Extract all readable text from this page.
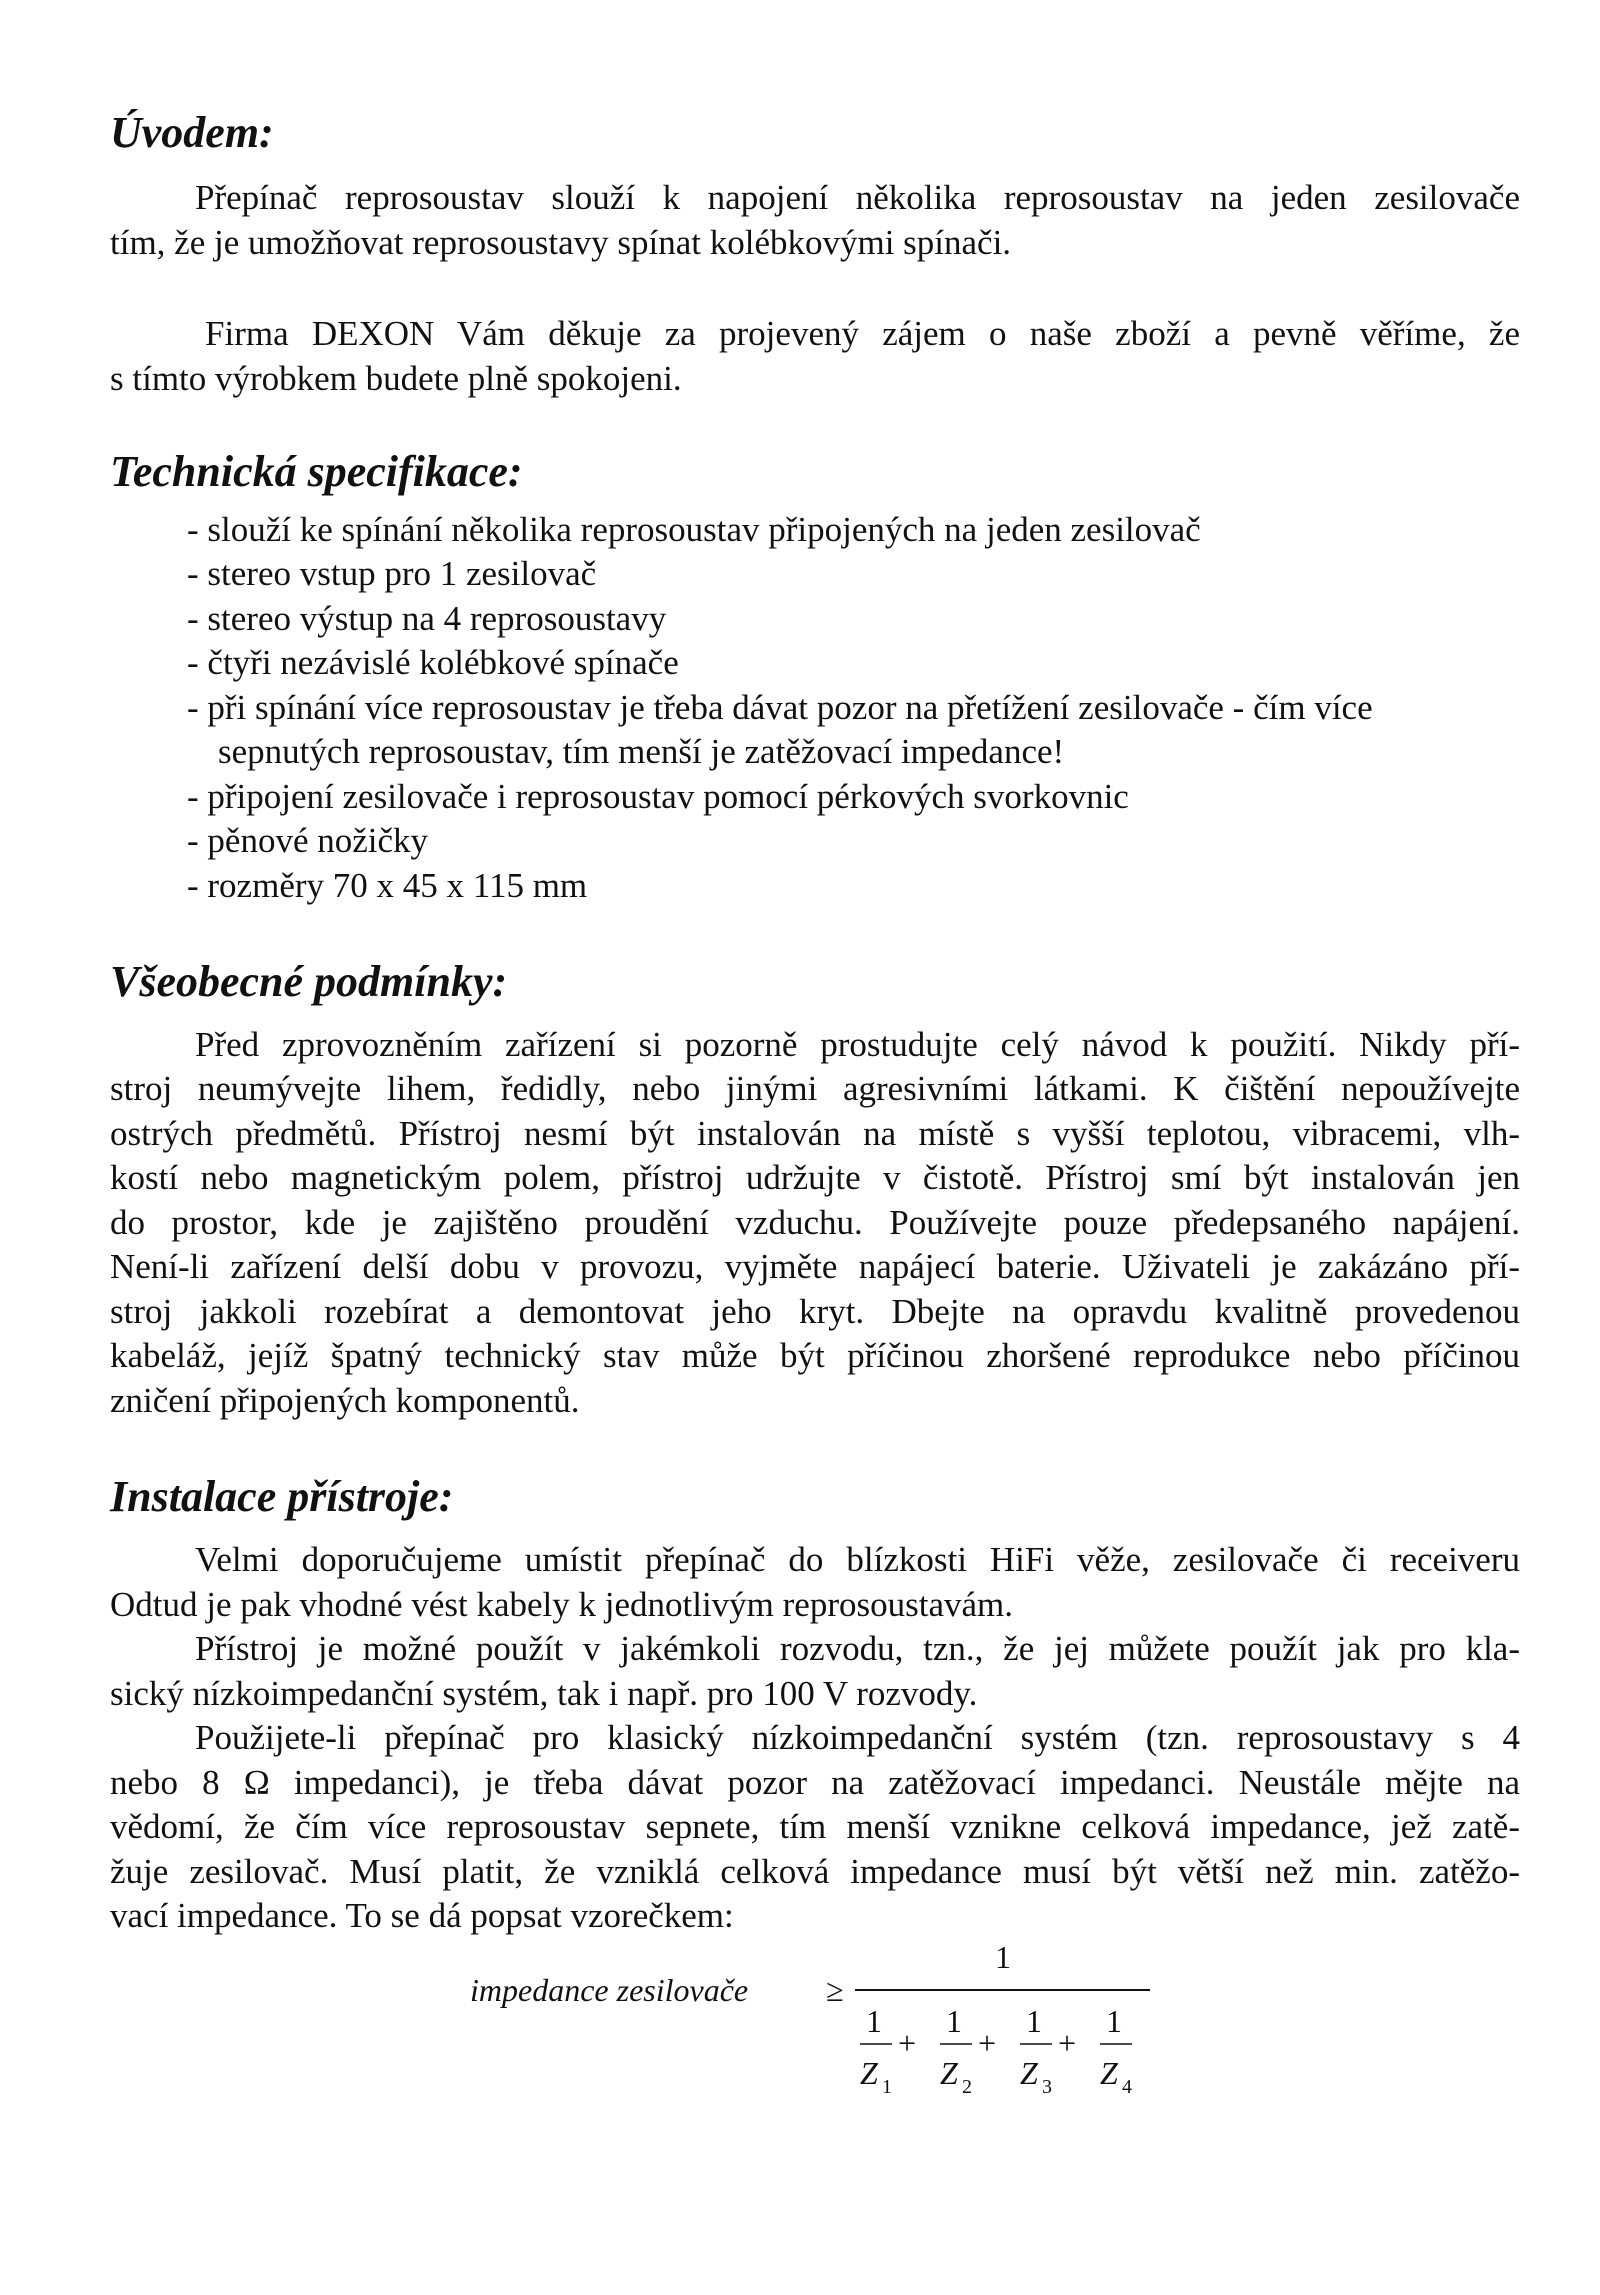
Úvodem:
Přepínač reprosoustav slouží k napojení několika reprosoustav na jeden zesilovače
tím, že je umožňovat reprosoustavy spínat kolébkovými spínači.
Firma DEXON Vám děkuje za projevený zájem o naše zboží a pevně věříme, že
s tímto výrobkem budete plně spokojeni.
Technická specifikace:
- slouží ke spínání několika reprosoustav připojených na jeden zesilovač
- stereo vstup pro 1 zesilovač
- stereo výstup na 4 reprosoustavy
- čtyři nezávislé kolébkové spínače
- při spínání více reprosoustav je třeba dávat pozor na přetížení zesilovače - čím více
sepnutých reprosoustav, tím menší je zatěžovací impedance!
- připojení zesilovače i reprosoustav pomocí pérkových svorkovnic
- pěnové nožičky
- rozměry 70 x 45 x 115 mm
Všeobecné podmínky:
Před zprovozněním zařízení si pozorně prostudujte celý návod k použití. Nikdy pří-
stroj neumývejte lihem, ředidly, nebo jinými agresivními látkami. K čištění nepoužívejte
ostrých předmětů. Přístroj nesmí být instalován na místě s vyšší teplotou, vibracemi, vlh-
kostí nebo magnetickým polem, přístroj udržujte v čistotě. Přístroj smí být instalován jen
do prostor, kde je zajištěno proudění vzduchu. Používejte pouze předepsaného napájení.
Není-li zařízení delší dobu v provozu, vyjměte napájecí baterie. Uživateli je zakázáno pří-
stroj jakkoli rozebírat a demontovat jeho kryt. Dbejte na opravdu kvalitně provedenou
kabeláž, jejíž špatný technický stav může být příčinou zhoršené reprodukce nebo příčinou
zničení připojených komponentů.
Instalace přístroje:
Velmi doporučujeme umístit přepínač do blízkosti HiFi věže, zesilovače či receiveru
Odtud je pak vhodné vést kabely k jednotlivým reprosoustavám.
Přístroj je možné použít v jakémkoli rozvodu, tzn., že jej můžete použít jak pro kla-
sický nízkoimpedanční systém, tak i např. pro 100 V rozvody.
Použijete-li přepínač pro klasický nízkoimpedanční systém (tzn. reprosoustavy s 4
nebo 8 Ω impedanci), je třeba dávat pozor na zatěžovací impedanci. Neustále mějte na
vědomí, že čím více reprosoustav sepnete, tím menší vznikne celková impedance, jež zatě-
žuje zesilovač. Musí platit, že vzniklá celková impedance musí být větší než min. zatěžo-
vací impedance. To se dá popsat vzorečkem:
impedance zesilovače ≥
1
1
Z 1
+
1
Z 2
+
1
Z 3
+
1
Z 4
